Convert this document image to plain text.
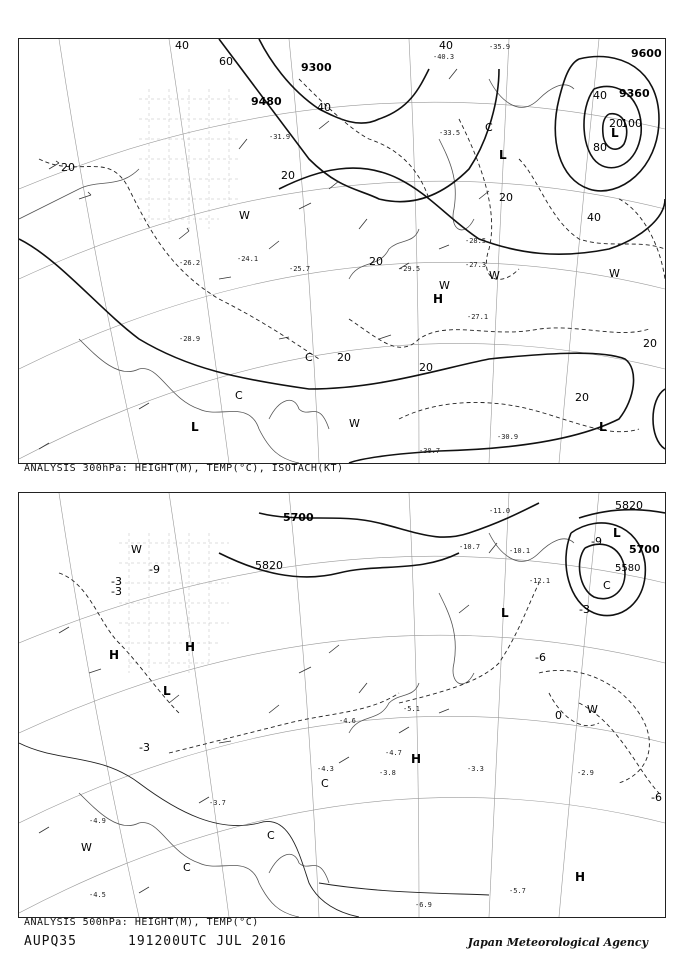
9600
9360
9300
9480
40
60
40
20
40
20
20
20
20
40
20
80
20
100
40
20
20
H
L	L
L
L
W
W
W	W
C
C
C
W
-28.5
-27.3
-27.1
-28.9
-30.7
-30.9
-24.1
-25.7
-26.2
-29.5
-33.5
-35.9
-40.3
-31.9
ANALYSIS 300hPa: HEIGHT(M), TEMP(°C), ISOTACH(KT)
5820
5700
5820
5700
5580
-3
-3
-3
0
-6
-6
-9
-9
-3
H
H
H
H
L
L
L
W
W
W
C
C
C
C
-5.7
-6.9
-4.5
-4.9
-3.7
-3.3	-2.9
-4.7
-3.8
-4.3
-5.1
-4.6
-10.7
-11.0
-12.1
-10.1
ANALYSIS 500hPa: HEIGHT(M), TEMP(°C)
AUPQ35	191200UTC JUL 2016	Japan Meteorological Agency
